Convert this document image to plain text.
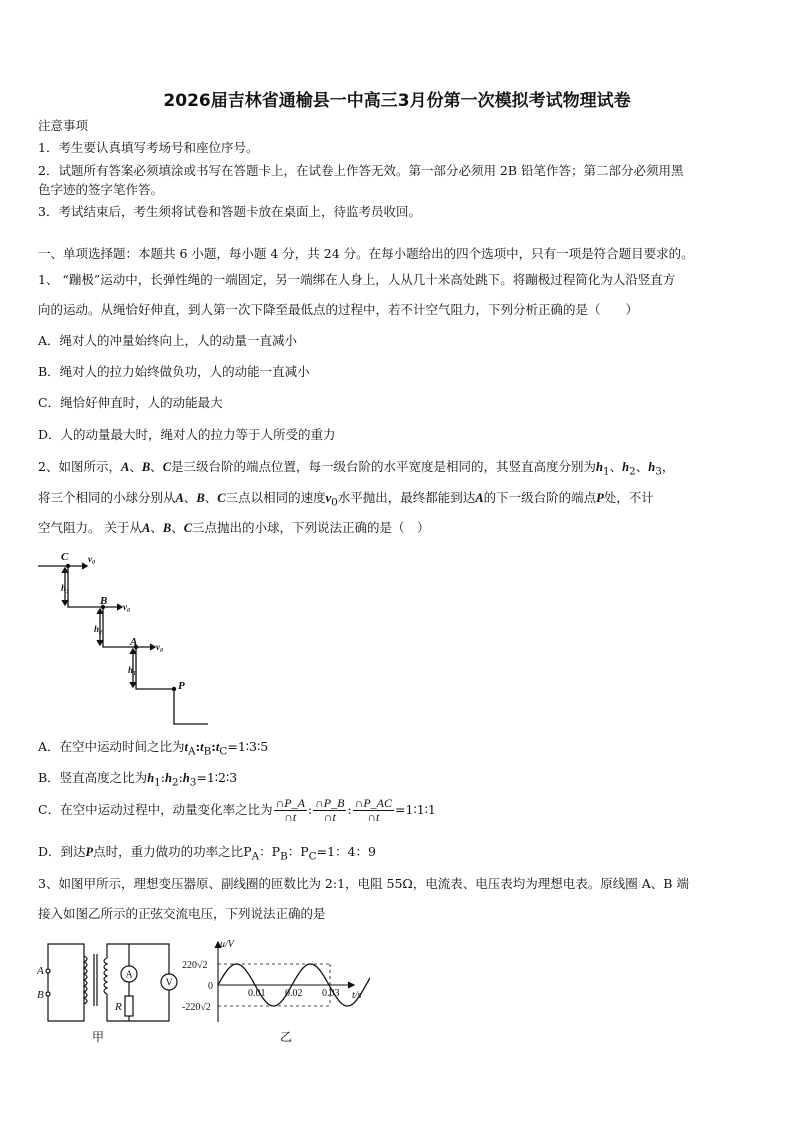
2026届吉林省通榆县一中高三3月份第一次模拟考试物理试卷
注意事项
1．考生要认真填写考场号和座位序号。
2．试题所有答案必须填涂或书写在答题卡上，在试卷上作答无效。第一部分必须用 2B 铅笔作答；第二部分必须用黑
色字迹的签字笔作答。
3．考试结束后，考生须将试卷和答题卡放在桌面上，待监考员收回。
一、单项选择题：本题共 6 小题，每小题 4 分，共 24 分。在每小题给出的四个选项中，只有一项是符合题目要求的。
1、 “蹦极”运动中，长弹性绳的一端固定，另一端绑在人身上，人从几十米高处跳下。将蹦极过程简化为人沿竖直方
向的运动。从绳恰好伸直，到人第一次下降至最低点的过程中，若不计空气阻力，下列分析正确的是（　　）
A．绳对人的冲量始终向上，人的动量一直减小
B．绳对人的拉力始终做负功，人的动能一直减小
C．绳恰好伸直时，人的动能最大
D．人的动量最大时，绳对人的拉力等于人所受的重力
2、如图所示，A、B、C是三级台阶的端点位置，每一级台阶的水平宽度是相同的，其竖直高度分别为$h_1$、$h_2$、$h_3$，
将三个相同的小球分别从A、B、C三点以相同的速度$v_0$水平抛出，最终都能到达A的下一级台阶的端点P处，不计
空气阻力。 关于从A、B、C三点抛出的小球，下列说法正确的是（　）
C v₀
B v₀
A v₀
P
h₃
h₂
h₁
A．在空中运动时间之比为$t_A:t_B:t_C=1∶3∶5$
B．竖直高度之比为$h_1:h_2:h_3=1∶2∶3$
C．在空中运动过程中，动量变化率之比为 $\frac{\cap P\_A}{\cap t}$ : $\frac{\cap P\_B}{\cap t}$ : $\frac{\cap P\_AC}{\cap t}$ =1∶1∶1
D．到达P点时，重力做功的功率之比$P_A$：$P_B$：$P_C=1$：4：9
3、如图甲所示，理想变压器原、副线圈的匝数比为 2:1，电阻 55Ω，电流表、电压表均为理想电表。原线圈 A、B 端
接入如图乙所示的正弦交流电压，下列说法正确的是
A
B
R
A
V
甲
u/V
t/s
220√2
-220√2
0
0.01 0.02 0.03
乙
